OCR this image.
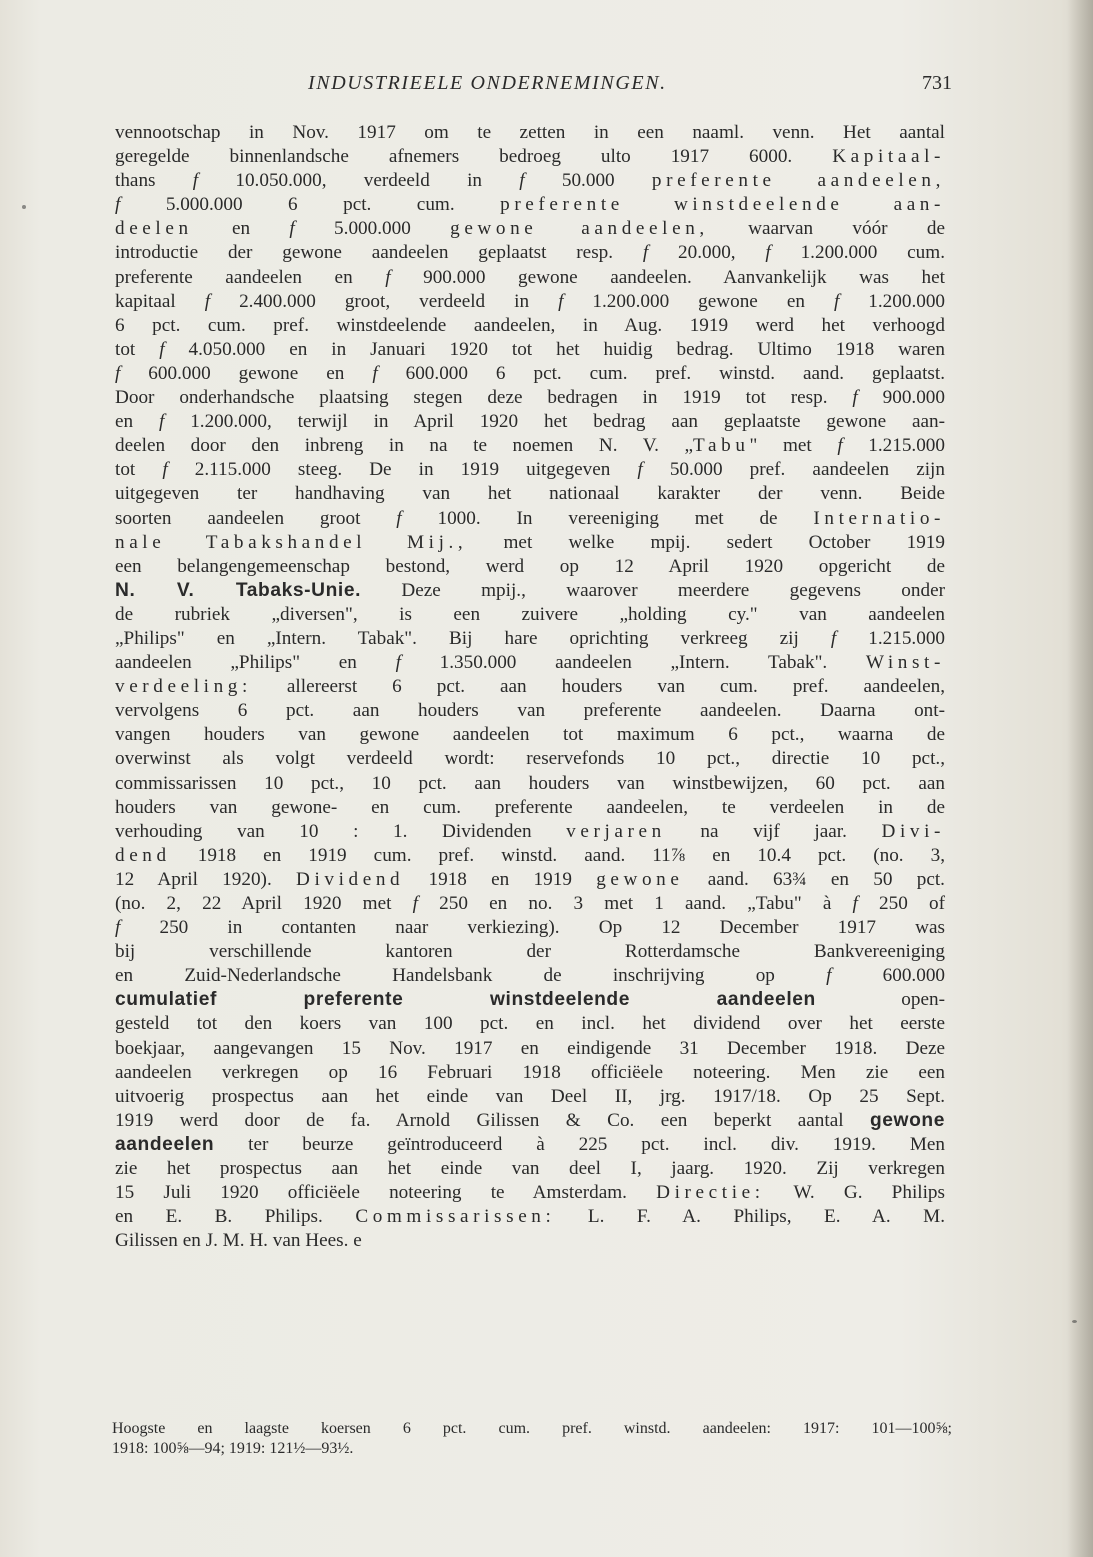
INDUSTRIEELE ONDERNEMINGEN.	731
vennootschap in Nov. 1917 om te zetten in een naaml. venn. Het aantal
geregelde binnenlandsche afnemers bedroeg ulto 1917 6000. Kapitaal-
thans f 10.050.000, verdeeld in f 50.000 preferente aandeelen,
f 5.000.000 6 pct. cum. preferente winstdeelende aan-
deelen en f 5.000.000 gewone aandeelen, waarvan vóór de
introductie der gewone aandeelen geplaatst resp. f 20.000, f 1.200.000 cum.
preferente aandeelen en f 900.000 gewone aandeelen. Aanvankelijk was het
kapitaal f 2.400.000 groot, verdeeld in f 1.200.000 gewone en f 1.200.000
6 pct. cum. pref. winstdeelende aandeelen, in Aug. 1919 werd het verhoogd
tot f 4.050.000 en in Januari 1920 tot het huidig bedrag. Ultimo 1918 waren
f 600.000 gewone en f 600.000 6 pct. cum. pref. winstd. aand. geplaatst.
Door onderhandsche plaatsing stegen deze bedragen in 1919 tot resp. f 900.000
en f 1.200.000, terwijl in April 1920 het bedrag aan geplaatste gewone aan-
deelen door den inbreng in na te noemen N. V. „Tabu" met f 1.215.000
tot f 2.115.000 steeg. De in 1919 uitgegeven f 50.000 pref. aandeelen zijn
uitgegeven ter handhaving van het nationaal karakter der venn. Beide
soorten aandeelen groot f 1000. In vereeniging met de Internatio-
nale Tabakshandel Mij., met welke mpij. sedert October 1919
een belangengemeenschap bestond, werd op 12 April 1920 opgericht de
N. V. Tabaks-Unie. Deze mpij., waarover meerdere gegevens onder
de rubriek „diversen", is een zuivere „holding cy." van aandeelen
„Philips" en „Intern. Tabak". Bij hare oprichting verkreeg zij f 1.215.000
aandeelen „Philips" en f 1.350.000 aandeelen „Intern. Tabak". Winst-
verdeeling: allereerst 6 pct. aan houders van cum. pref. aandeelen,
vervolgens 6 pct. aan houders van preferente aandeelen. Daarna ont-
vangen houders van gewone aandeelen tot maximum 6 pct., waarna de
overwinst als volgt verdeeld wordt: reservefonds 10 pct., directie 10 pct.,
commissarissen 10 pct., 10 pct. aan houders van winstbewijzen, 60 pct. aan
houders van gewone- en cum. preferente aandeelen, te verdeelen in de
verhouding van 10 : 1. Dividenden verjaren na vijf jaar. Divi-
dend 1918 en 1919 cum. pref. winstd. aand. 11⅞ en 10.4 pct. (no. 3,
12 April 1920). Dividend 1918 en 1919 gewone aand. 63¾ en 50 pct.
(no. 2, 22 April 1920 met f 250 en no. 3 met 1 aand. „Tabu" à f 250 of
f 250 in contanten naar verkiezing). Op 12 December 1917 was
bij verschillende kantoren der Rotterdamsche Bankvereeniging
en Zuid-Nederlandsche Handelsbank de inschrijving op f 600.000
cumulatief preferente winstdeelende aandeelen open-
gesteld tot den koers van 100 pct. en incl. het dividend over het eerste
boekjaar, aangevangen 15 Nov. 1917 en eindigende 31 December 1918. Deze
aandeelen verkregen op 16 Februari 1918 officiëele noteering. Men zie een
uitvoerig prospectus aan het einde van Deel II, jrg. 1917/18. Op 25 Sept.
1919 werd door de fa. Arnold Gilissen & Co. een beperkt aantal gewone
aandeelen ter beurze geïntroduceerd à 225 pct. incl. div. 1919. Men
zie het prospectus aan het einde van deel I, jaarg. 1920. Zij verkregen
15 Juli 1920 officiëele noteering te Amsterdam. Directie: W. G. Philips
en E. B. Philips. Commissarissen: L. F. A. Philips, E. A. M.
Gilissen en J. M. H. van Hees. e
Hoogste en laagste koersen 6 pct. cum. pref. winstd. aandeelen: 1917: 101—100⅝;
1918: 100⅝—94; 1919: 121½—93½.
